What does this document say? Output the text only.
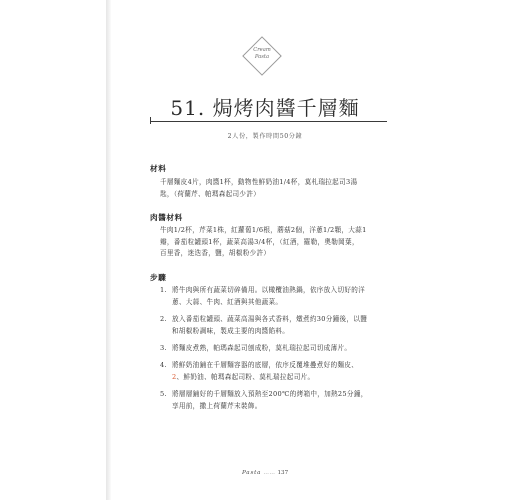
Cream
Pasta
51. 焗烤肉醬千層麵
2人份，製作時間50分鐘
材料
千層麵皮4片，肉醬1杯，動物性鮮奶油1/4杯，莫札瑞拉起司3湯
匙，（荷蘭芹、帕瑪森起司少許）
肉醬材料
牛肉1/2杯，芹菜1株，紅蘿蔔1/6根，蘑菇2個，洋蔥1/2顆，大蒜1
瓣，番茄粒罐頭1杯，蔬菜高湯3/4杯，（紅酒，羅勒，奧勒岡葉，
百里香，迷迭香，鹽，胡椒粉少許）
步驟
1. 將牛肉與所有蔬菜切碎備用。以橄欖油熱鍋，依序放入切好的洋
蔥、大蒜、牛肉、紅酒與其他蔬菜。
2. 放入番茄粒罐頭、蔬菜高湯與各式香料，燉煮約30分鐘後，以鹽
和胡椒粉調味，製成主要的肉醬餡料。
3. 將麵皮煮熟，帕瑪森起司刨成粉，莫札瑞拉起司切成薄片。
4. 將鮮奶油鋪在千層麵容器的底層，依序反覆堆疊煮好的麵皮、
2、鮮奶油、帕瑪森起司粉、莫札瑞拉起司片。
5. 將層層鋪好的千層麵放入預熱至200℃的烤箱中，加熱25分鐘，
享用前，撒上荷蘭芹末裝飾。
Pasta …… 137
